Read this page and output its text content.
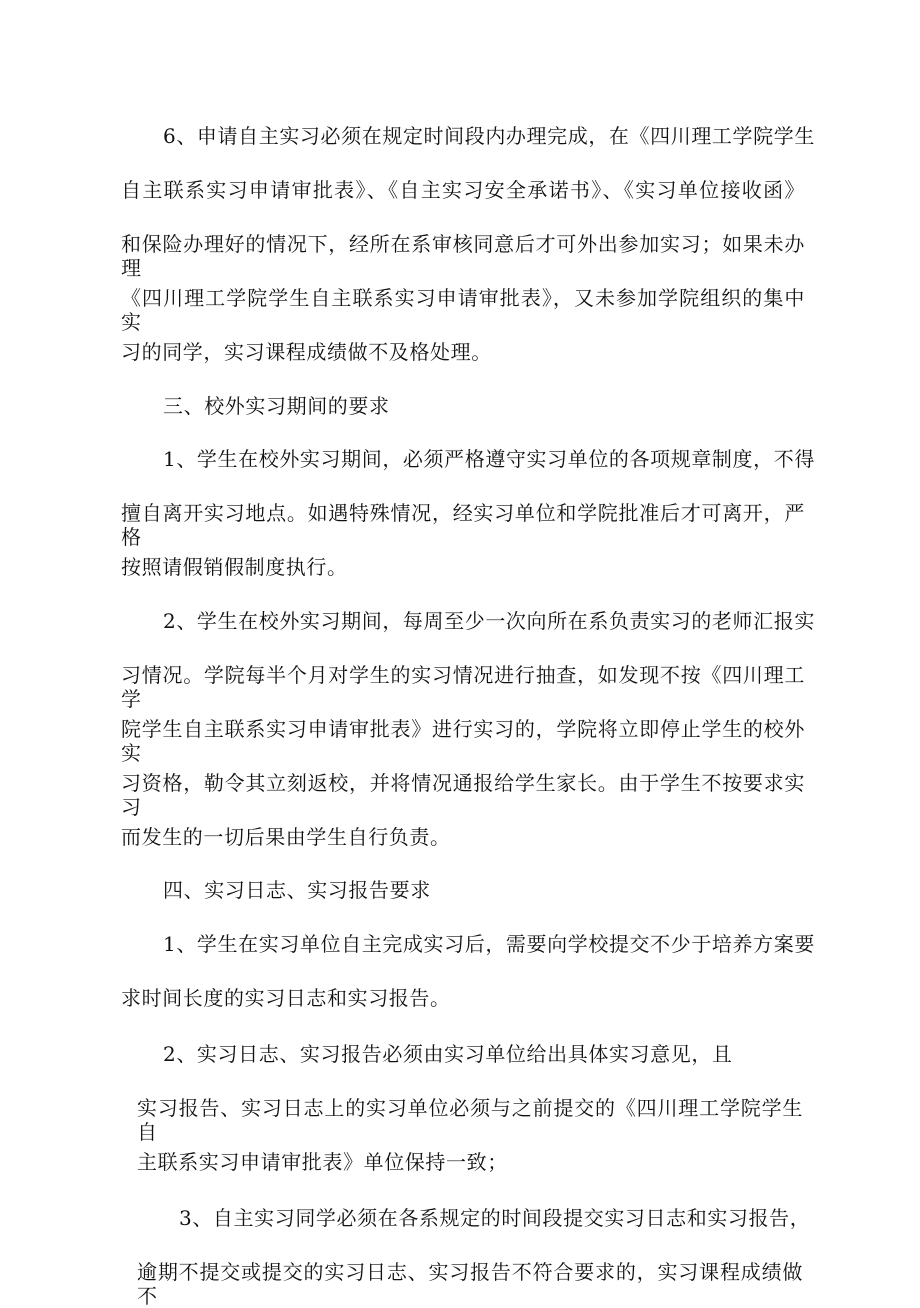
6、申请自主实习必须在规定时间段内办理完成，在《四川理工学院学生
自主联系实习申请审批表》、《自主实习安全承诺书》、《实习单位接收函》
和保险办理好的情况下，经所在系审核同意后才可外出参加实习；如果未办理
《四川理工学院学生自主联系实习申请审批表》，又未参加学院组织的集中实
习的同学，实习课程成绩做不及格处理。
三、校外实习期间的要求
1、学生在校外实习期间，必须严格遵守实习单位的各项规章制度，不得
擅自离开实习地点。如遇特殊情况，经实习单位和学院批准后才可离开，严格
按照请假销假制度执行。
2、学生在校外实习期间，每周至少一次向所在系负责实习的老师汇报实
习情况。学院每半个月对学生的实习情况进行抽查，如发现不按《四川理工学
院学生自主联系实习申请审批表》进行实习的，学院将立即停止学生的校外实
习资格，勒令其立刻返校，并将情况通报给学生家长。由于学生不按要求实习
而发生的一切后果由学生自行负责。
四、实习日志、实习报告要求
1、学生在实习单位自主完成实习后，需要向学校提交不少于培养方案要
求时间长度的实习日志和实习报告。
2、实习日志、实习报告必须由实习单位给出具体实习意见，且
实习报告、实习日志上的实习单位必须与之前提交的《四川理工学院学生自
主联系实习申请审批表》单位保持一致；
3、自主实习同学必须在各系规定的时间段提交实习日志和实习报告，
逾期不提交或提交的实习日志、实习报告不符合要求的，实习课程成绩做不
